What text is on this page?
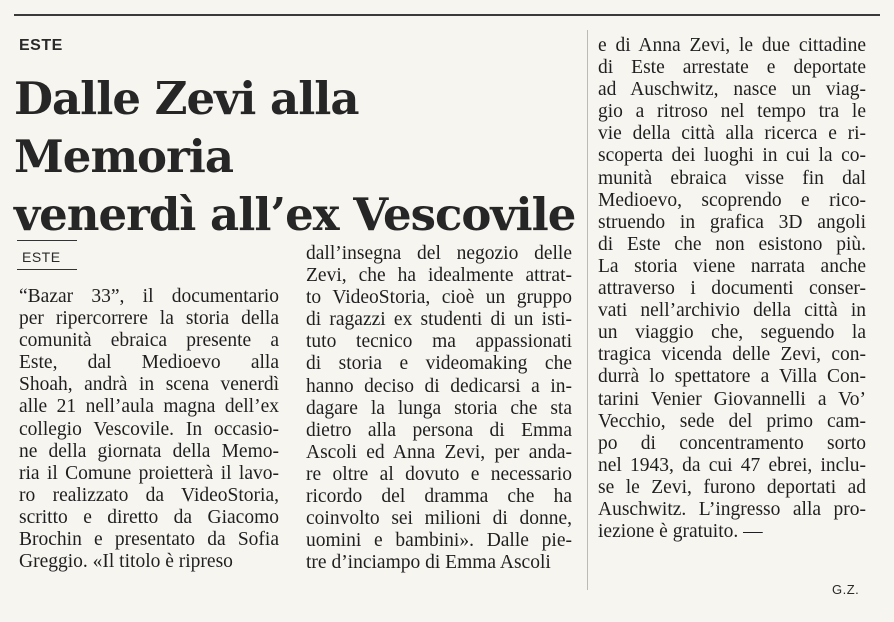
ESTE
Dalle Zevi alla Memoria
venerdì all’ex Vescovile
ESTE
“Bazar 33”, il documentario
per ripercorrere la storia della
comunità ebraica presente a
Este, dal Medioevo alla
Shoah, andrà in scena venerdì
alle 21 nell’aula magna dell’ex
collegio Vescovile. In occasio-
ne della giornata della Memo-
ria il Comune proietterà il lavo-
ro realizzato da VideoStoria,
scritto e diretto da Giacomo
Brochin e presentato da Sofia
Greggio. «Il titolo è ripreso
dall’insegna del negozio delle
Zevi, che ha idealmente attrat-
to VideoStoria, cioè un gruppo
di ragazzi ex studenti di un isti-
tuto tecnico ma appassionati
di storia e videomaking che
hanno deciso di dedicarsi a in-
dagare la lunga storia che sta
dietro alla persona di Emma
Ascoli ed Anna Zevi, per anda-
re oltre al dovuto e necessario
ricordo del dramma che ha
coinvolto sei milioni di donne,
uomini e bambini». Dalle pie-
tre d’inciampo di Emma Ascoli
e di Anna Zevi, le due cittadine
di Este arrestate e deportate
ad Auschwitz, nasce un viag-
gio a ritroso nel tempo tra le
vie della città alla ricerca e ri-
scoperta dei luoghi in cui la co-
munità ebraica visse fin dal
Medioevo, scoprendo e rico-
struendo in grafica 3D angoli
di Este che non esistono più.
La storia viene narrata anche
attraverso i documenti conser-
vati nell’archivio della città in
un viaggio che, seguendo la
tragica vicenda delle Zevi, con-
durrà lo spettatore a Villa Con-
tarini Venier Giovannelli a Vo’
Vecchio, sede del primo cam-
po di concentramento sorto
nel 1943, da cui 47 ebrei, inclu-
se le Zevi, furono deportati ad
Auschwitz. L’ingresso alla pro-
iezione è gratuito. —
G.Z.
